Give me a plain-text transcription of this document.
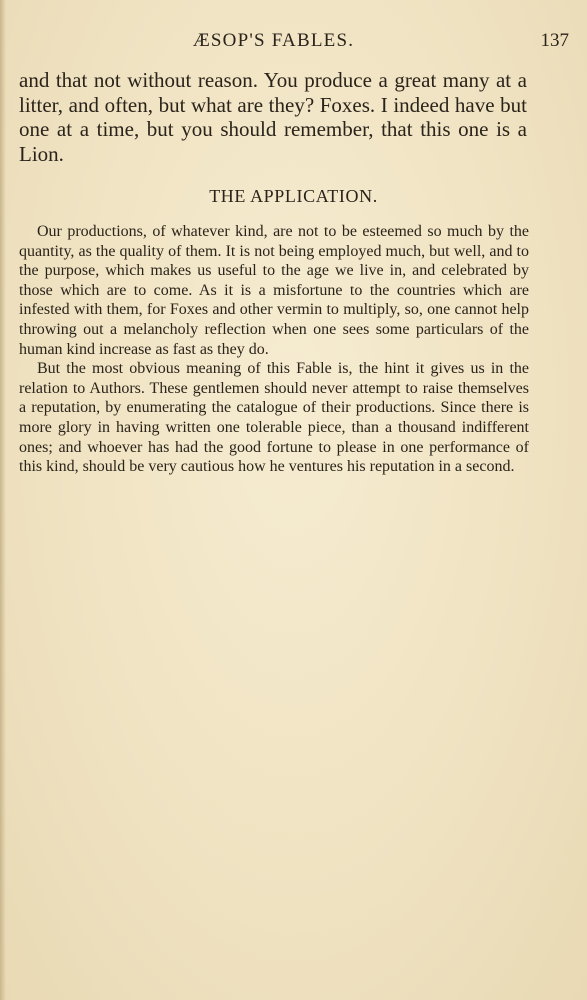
ÆSOP'S FABLES.	137

and that not without reason. You produce a great many at a litter, and often, but what are they? Foxes. I indeed have but one at a time, but you should remember, that this one is a Lion.

THE APPLICATION.

Our productions, of whatever kind, are not to be esteemed so much by the quantity, as the quality of them. It is not being employed much, but well, and to the purpose, which makes us useful to the age we live in, and celebrated by those which are to come. As it is a misfortune to the countries which are infested with them, for Foxes and other vermin to multiply, so, one cannot help throwing out a melancholy reflection when one sees some particulars of the human kind increase as fast as they do.

But the most obvious meaning of this Fable is, the hint it gives us in the relation to Authors. These gentlemen should never attempt to raise themselves a reputation, by enumerating the catalogue of their productions. Since there is more glory in having written one tolerable piece, than a thousand indifferent ones; and whoever has had the good fortune to please in one performance of this kind, should be very cautious how he ventures his reputation in a second.
